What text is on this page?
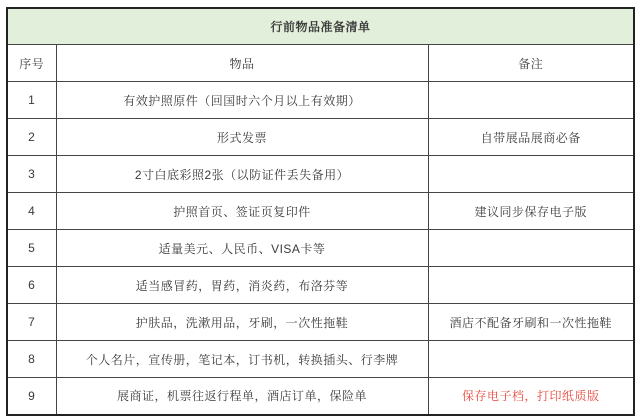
行前物品准备清单		
序号	物品	备注
1	有效护照原件（回国时六个月以上有效期）	
2	形式发票	自带展品展商必备
3	2寸白底彩照2张（以防证件丢失备用）	
4	护照首页、签证页复印件	建议同步保存电子版
5	适量美元、人民币、VISA卡等	
6	适当感冒药，胃药，消炎药，布洛芬等	
7	护肤品，洗漱用品，牙刷，一次性拖鞋	酒店不配备牙刷和一次性拖鞋
8	个人名片，宣传册，笔记本，订书机，转换插头、行李牌	
9	展商证，机票往返行程单，酒店订单，保险单	保存电子档，打印纸质版
